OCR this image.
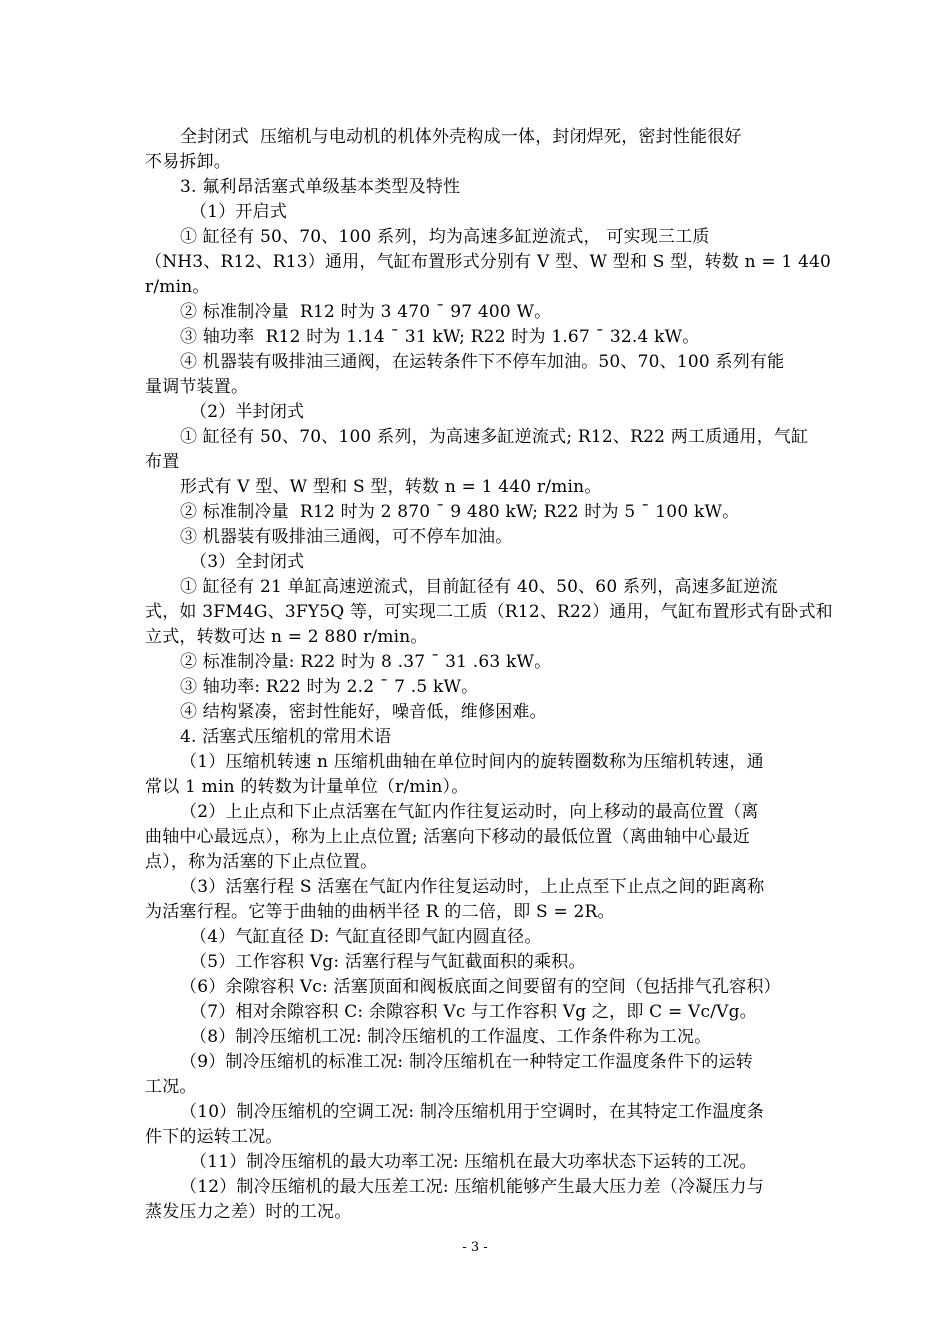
全封闭式  压缩机与电动机的机体外壳构成一体，封闭焊死，密封性能很好
不易拆卸。
3. 氟利昂活塞式单级基本类型及特性
（1）开启式
① 缸径有 50、70、100 系列，均为高速多缸逆流式， 可实现三工质
（NH3、R12、R13）通用，气缸布置形式分别有 V 型、W 型和 S 型，转数 n = 1 440
r/min。
② 标准制冷量  R12 时为 3 470 ¯ 97 400 W。
③ 轴功率  R12 时为 1.14 ¯ 31 kW; R22 时为 1.67 ¯ 32.4 kW。
④ 机器装有吸排油三通阀，在运转条件下不停车加油。50、70、100 系列有能
量调节装置。
（2）半封闭式
① 缸径有 50、70、100 系列，为高速多缸逆流式; R12、R22 两工质通用，气缸
布置
形式有 V 型、W 型和 S 型，转数 n = 1 440 r/min。
② 标准制冷量  R12 时为 2 870 ¯ 9 480 kW; R22 时为 5 ¯ 100 kW。
③ 机器装有吸排油三通阀，可不停车加油。
（3）全封闭式
① 缸径有 21 单缸高速逆流式，目前缸径有 40、50、60 系列，高速多缸逆流
式，如 3FM4G、3FY5Q 等，可实现二工质（R12、R22）通用，气缸布置形式有卧式和
立式，转数可达 n = 2 880 r/min。
② 标准制冷量: R22 时为 8 .37 ¯ 31 .63 kW。
③ 轴功率: R22 时为 2.2 ¯ 7 .5 kW。
④ 结构紧凑，密封性能好，噪音低，维修困难。
4. 活塞式压缩机的常用术语
（1）压缩机转速 n 压缩机曲轴在单位时间内的旋转圈数称为压缩机转速，通
常以 1 min 的转数为计量单位（r/min）。
（2）上止点和下止点活塞在气缸内作往复运动时，向上移动的最高位置（离
曲轴中心最远点），称为上止点位置; 活塞向下移动的最低位置（离曲轴中心最近
点），称为活塞的下止点位置。
（3）活塞行程 S 活塞在气缸内作往复运动时，上止点至下止点之间的距离称
为活塞行程。它等于曲轴的曲柄半径 R 的二倍，即 S = 2R。
（4）气缸直径 D: 气缸直径即气缸内圆直径。
（5）工作容积 Vg: 活塞行程与气缸截面积的乘积。
（6）余隙容积 Vc: 活塞顶面和阀板底面之间要留有的空间（包括排气孔容积）
（7）相对余隙容积 C: 余隙容积 Vc 与工作容积 Vg 之，即 C = Vc/Vg。
（8）制冷压缩机工况: 制冷压缩机的工作温度、工作条件称为工况。
（9）制冷压缩机的标准工况: 制冷压缩机在一种特定工作温度条件下的运转
工况。
（10）制冷压缩机的空调工况: 制冷压缩机用于空调时，在其特定工作温度条
件下的运转工况。
（11）制冷压缩机的最大功率工况: 压缩机在最大功率状态下运转的工况。
（12）制冷压缩机的最大压差工况: 压缩机能够产生最大压力差（冷凝压力与
蒸发压力之差）时的工况。
- 3 -
